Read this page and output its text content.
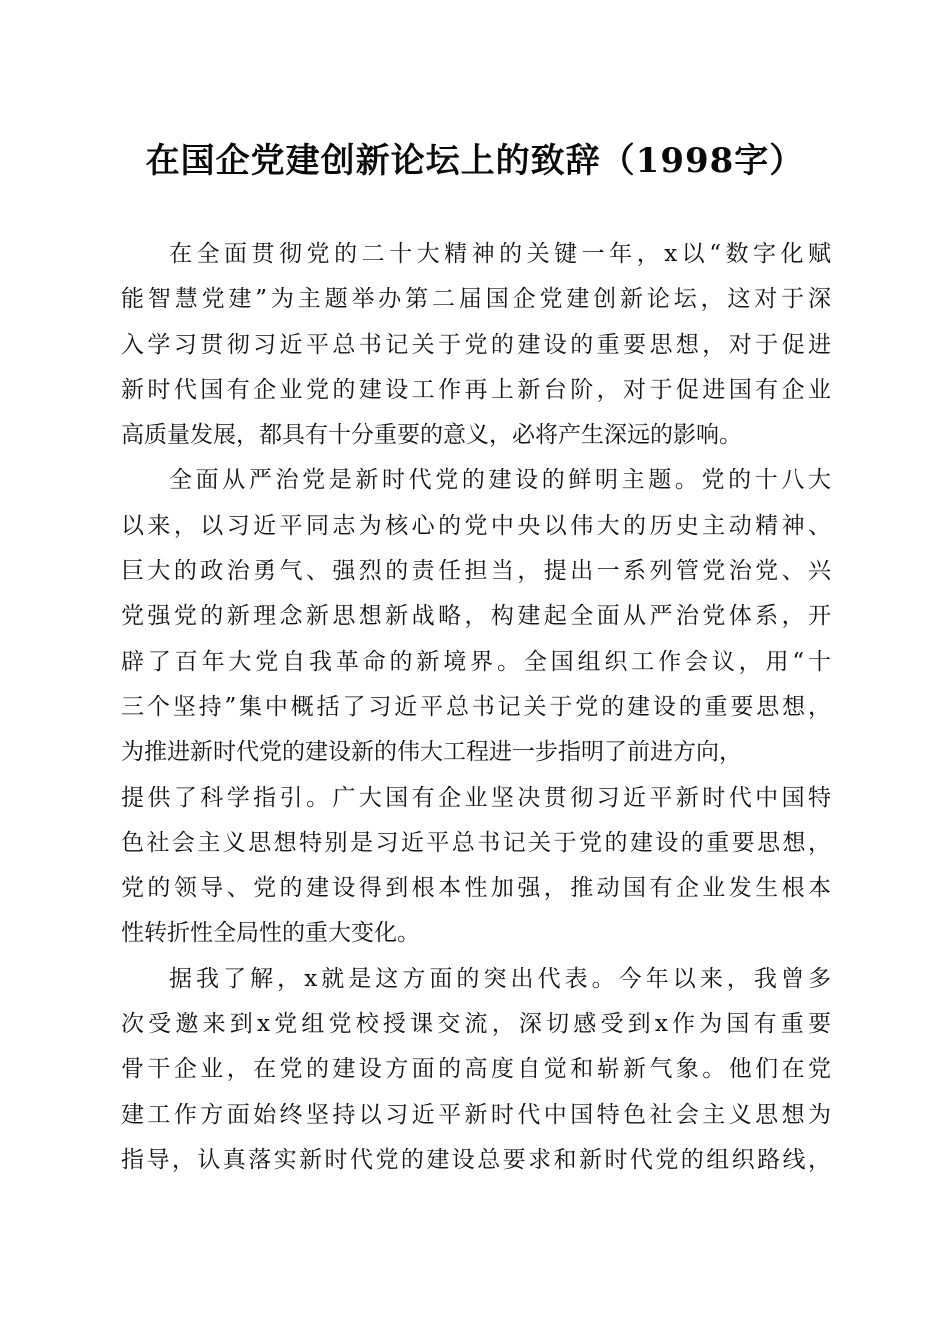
在国企党建创新论坛上的致辞（1998字）
在全面贯彻党的二十大精神的关键一年，x以“数字化赋
能智慧党建”为主题举办第二届国企党建创新论坛，这对于深
入学习贯彻习近平总书记关于党的建设的重要思想，对于促进
新时代国有企业党的建设工作再上新台阶，对于促进国有企业
高质量发展，都具有十分重要的意义，必将产生深远的影响。
全面从严治党是新时代党的建设的鲜明主题。党的十八大
以来，以习近平同志为核心的党中央以伟大的历史主动精神、
巨大的政治勇气、强烈的责任担当，提出一系列管党治党、兴
党强党的新理念新思想新战略，构建起全面从严治党体系，开
辟了百年大党自我革命的新境界。全国组织工作会议，用“十
三个坚持”集中概括了习近平总书记关于党的建设的重要思想，
为推进新时代党的建设新的伟大工程进一步指明了前进方向，
提供了科学指引。广大国有企业坚决贯彻习近平新时代中国特
色社会主义思想特别是习近平总书记关于党的建设的重要思想，
党的领导、党的建设得到根本性加强，推动国有企业发生根本
性转折性全局性的重大变化。
据我了解，x就是这方面的突出代表。今年以来，我曾多
次受邀来到x党组党校授课交流，深切感受到x作为国有重要
骨干企业，在党的建设方面的高度自觉和崭新气象。他们在党
建工作方面始终坚持以习近平新时代中国特色社会主义思想为
指导，认真落实新时代党的建设总要求和新时代党的组织路线，
